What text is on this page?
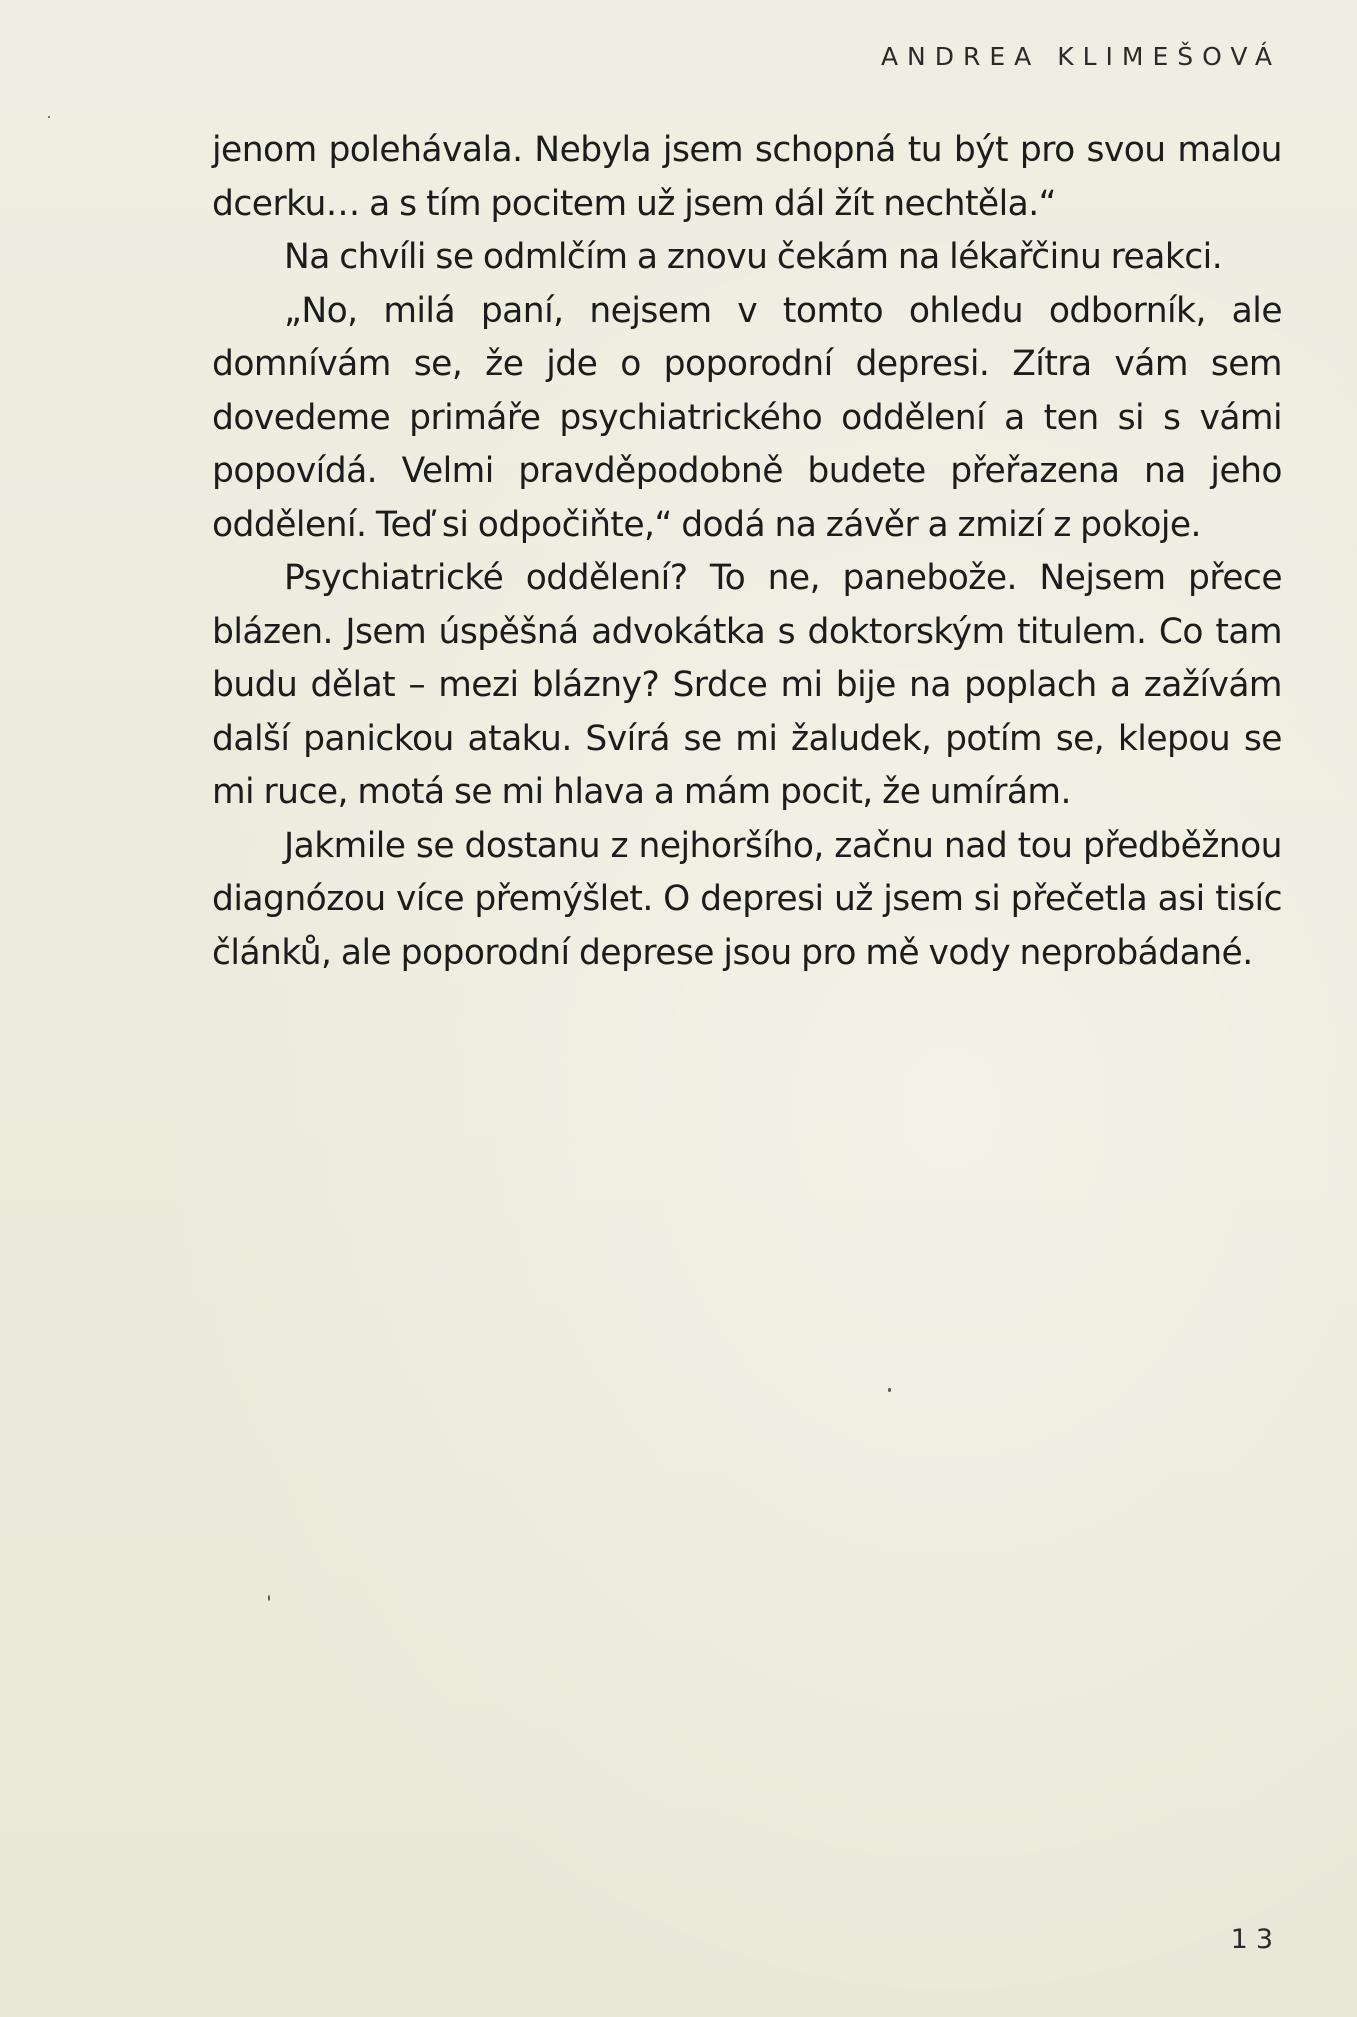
ANDREA KLIMEŠOVÁ

jenom polehávala. Nebyla jsem schopná tu být pro svou malou dcerku… a s tím pocitem už jsem dál žít nechtěla.“

Na chvíli se odmlčím a znovu čekám na lékařčinu reakci.

„No, milá paní, nejsem v tomto ohledu odborník, ale domnívám se, že jde o poporodní depresi. Zítra vám sem dovedeme primáře psychiatrického oddělení a ten si s vámi popovídá. Velmi pravděpodobně budete přeřazena na jeho oddělení. Teď si odpočiňte,“ dodá na závěr a zmizí z pokoje.

Psychiatrické oddělení? To ne, panebože. Nejsem přece blázen. Jsem úspěšná advokátka s doktorským titulem. Co tam budu dělat – mezi blázny? Srdce mi bije na poplach a zažívám další panickou ataku. Svírá se mi žaludek, potím se, klepou se mi ruce, motá se mi hlava a mám pocit, že umírám.

Jakmile se dostanu z nejhoršího, začnu nad tou předběžnou diagnózou více přemýšlet. O depresi už jsem si přečetla asi tisíc článků, ale poporodní deprese jsou pro mě vody neprobádané.

13
